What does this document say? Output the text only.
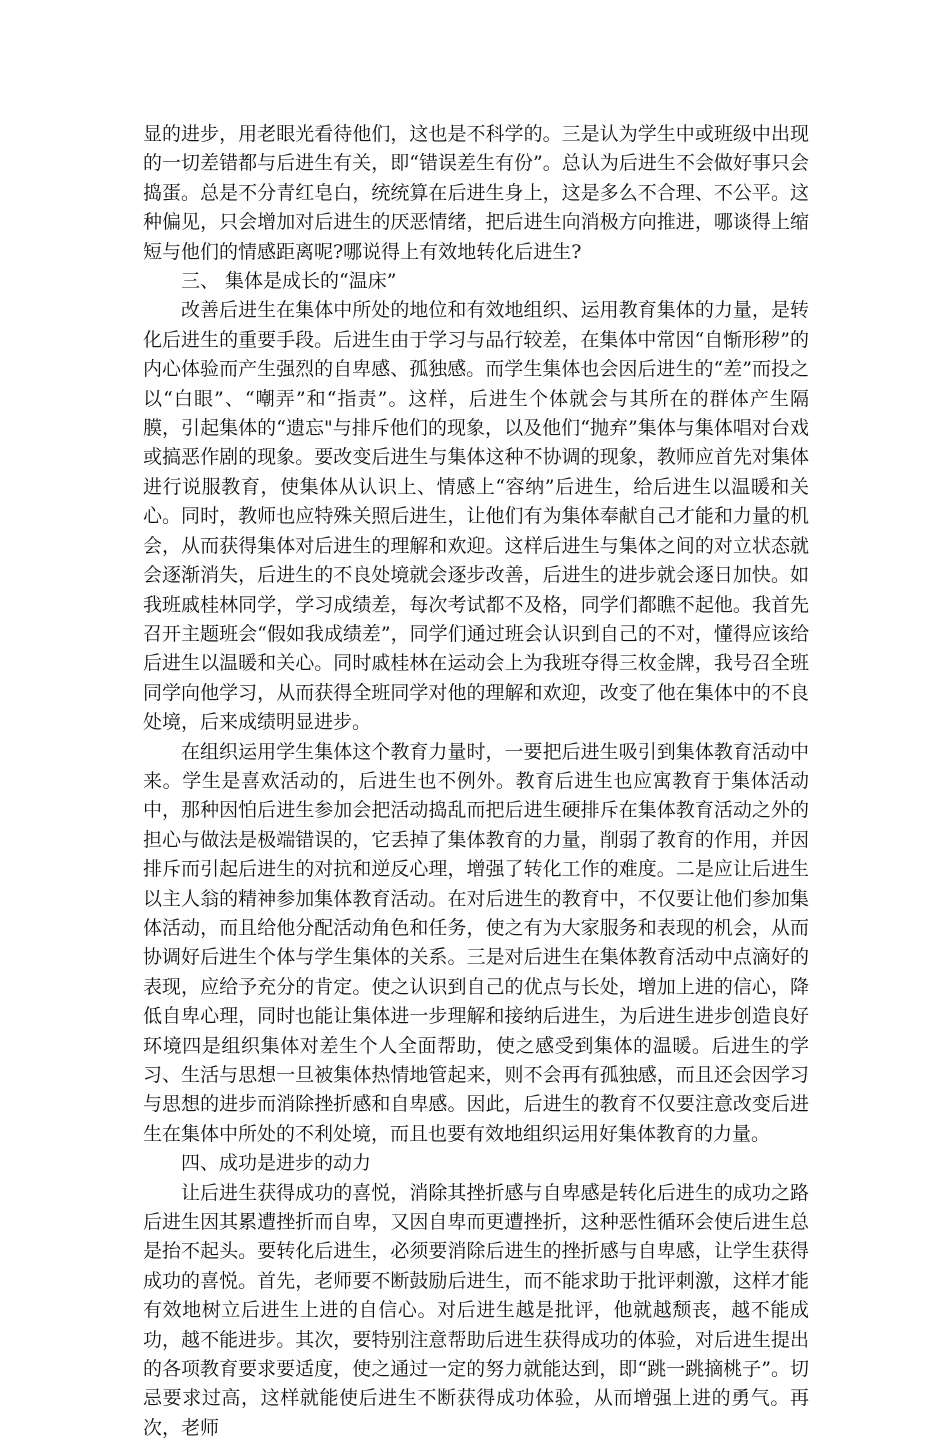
显的进步，用老眼光看待他们，这也是不科学的。三是认为学生中或班级中出现的一切差错都与后进生有关，即“错误差生有份”。总认为后进生不会做好事只会捣蛋。总是不分青红皂白，统统算在后进生身上，这是多么不合理、不公平。这种偏见，只会增加对后进生的厌恶情绪，把后进生向消极方向推进，哪谈得上缩短与他们的情感距离呢?哪说得上有效地转化后进生?

三、 集体是成长的“温床”

改善后进生在集体中所处的地位和有效地组织、运用教育集体的力量，是转化后进生的重要手段。后进生由于学习与品行较差，在集体中常因“自惭形秽”的内心体验而产生强烈的自卑感、孤独感。而学生集体也会因后进生的“差”而投之以“白眼”、“嘲弄”和“指责”。这样，后进生个体就会与其所在的群体产生隔膜，引起集体的“遗忘"与排斥他们的现象，以及他们“抛弃”集体与集体唱对台戏或搞恶作剧的现象。要改变后进生与集体这种不协调的现象，教师应首先对集体进行说服教育，使集体从认识上、情感上“容纳”后进生，给后进生以温暖和关心。同时，教师也应特殊关照后进生，让他们有为集体奉献自己才能和力量的机会，从而获得集体对后进生的理解和欢迎。这样后进生与集体之间的对立状态就会逐渐消失，后进生的不良处境就会逐步改善，后进生的进步就会逐日加快。如我班戚桂林同学，学习成绩差，每次考试都不及格，同学们都瞧不起他。我首先召开主题班会“假如我成绩差”，同学们通过班会认识到自己的不对，懂得应该给后进生以温暖和关心。同时戚桂林在运动会上为我班夺得三枚金牌，我号召全班同学向他学习，从而获得全班同学对他的理解和欢迎，改变了他在集体中的不良处境，后来成绩明显进步。

在组织运用学生集体这个教育力量时，一要把后进生吸引到集体教育活动中来。学生是喜欢活动的，后进生也不例外。教育后进生也应寓教育于集体活动中，那种因怕后进生参加会把活动捣乱而把后进生硬排斥在集体教育活动之外的担心与做法是极端错误的，它丢掉了集体教育的力量，削弱了教育的作用，并因排斥而引起后进生的对抗和逆反心理，增强了转化工作的难度。二是应让后进生以主人翁的精神参加集体教育活动。在对后进生的教育中，不仅要让他们参加集体活动，而且给他分配活动角色和任务，使之有为大家服务和表现的机会，从而协调好后进生个体与学生集体的关系。三是对后进生在集体教育活动中点滴好的表现，应给予充分的肯定。使之认识到自己的优点与长处，增加上进的信心，降低自卑心理，同时也能让集体进一步理解和接纳后进生，为后进生进步创造良好环境四是组织集体对差生个人全面帮助，使之感受到集体的温暖。后进生的学习、生活与思想一旦被集体热情地管起来，则不会再有孤独感，而且还会因学习与思想的进步而消除挫折感和自卑感。因此，后进生的教育不仅要注意改变后进生在集体中所处的不利处境，而且也要有效地组织运用好集体教育的力量。

四、成功是进步的动力

让后进生获得成功的喜悦，消除其挫折感与自卑感是转化后进生的成功之路后进生因其累遭挫折而自卑，又因自卑而更遭挫折，这种恶性循环会使后进生总是抬不起头。要转化后进生，必须要消除后进生的挫折感与自卑感，让学生获得成功的喜悦。首先，老师要不断鼓励后进生，而不能求助于批评刺激，这样才能有效地树立后进生上进的自信心。对后进生越是批评，他就越颓丧，越不能成功，越不能进步。其次，要特别注意帮助后进生获得成功的体验，对后进生提出的各项教育要求要适度，使之通过一定的努力就能达到，即“跳一跳摘桃子”。切忌要求过高，这样就能使后进生不断获得成功体验，从而增强上进的勇气。再次，老师
